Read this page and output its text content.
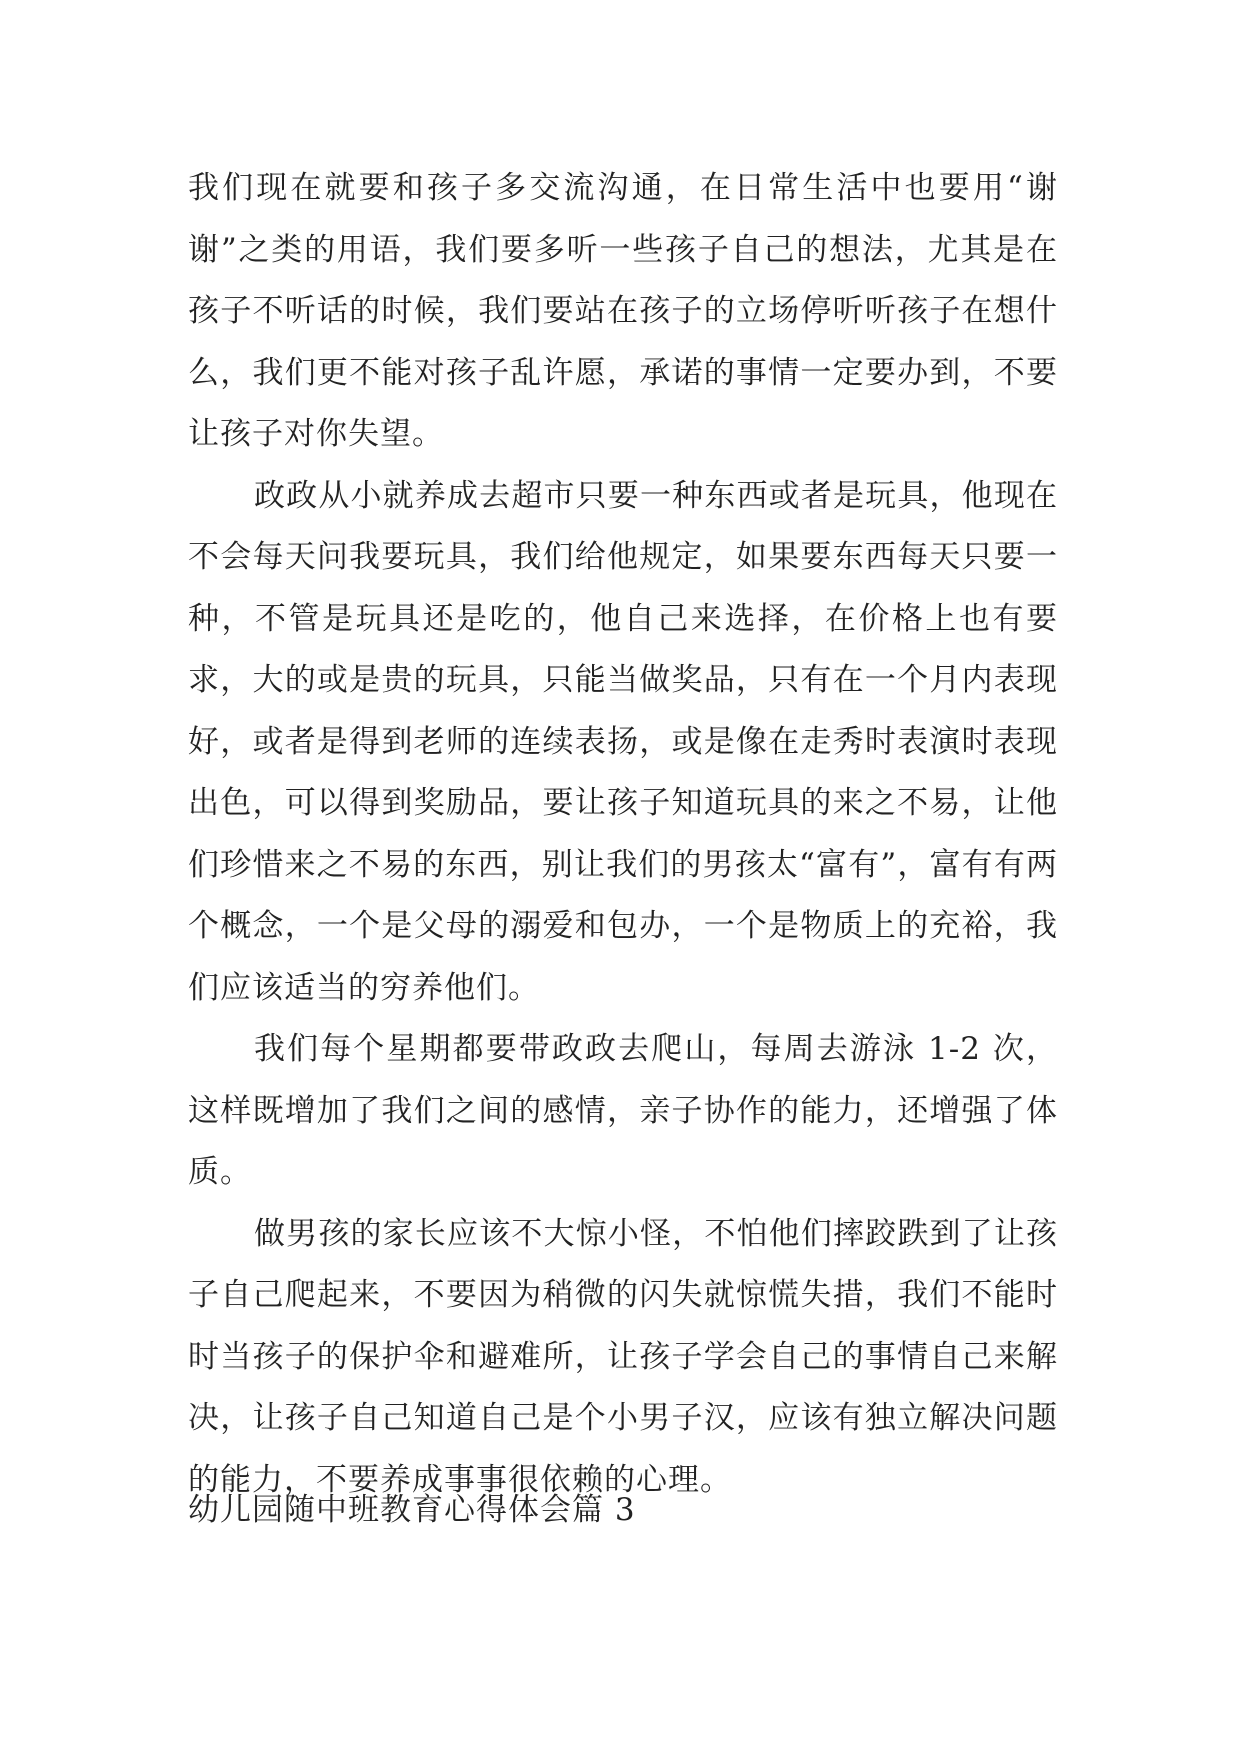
我们现在就要和孩子多交流沟通，在日常生活中也要用“谢谢”之类的用语，我们要多听一些孩子自己的想法，尤其是在孩子不听话的时候，我们要站在孩子的立场停听听孩子在想什么，我们更不能对孩子乱许愿，承诺的事情一定要办到，不要让孩子对你失望。

政政从小就养成去超市只要一种东西或者是玩具，他现在不会每天问我要玩具，我们给他规定，如果要东西每天只要一种，不管是玩具还是吃的，他自己来选择，在价格上也有要求，大的或是贵的玩具，只能当做奖品，只有在一个月内表现好，或者是得到老师的连续表扬，或是像在走秀时表演时表现出色，可以得到奖励品，要让孩子知道玩具的来之不易，让他们珍惜来之不易的东西，别让我们的男孩太“富有”，富有有两个概念，一个是父母的溺爱和包办，一个是物质上的充裕，我们应该适当的穷养他们。

我们每个星期都要带政政去爬山，每周去游泳 1-2 次，这样既增加了我们之间的感情，亲子协作的能力，还增强了体质。

做男孩的家长应该不大惊小怪，不怕他们摔跤跌到了让孩子自己爬起来，不要因为稍微的闪失就惊慌失措，我们不能时时当孩子的保护伞和避难所，让孩子学会自己的事情自己来解决，让孩子自己知道自己是个小男子汉，应该有独立解决问题的能力，不要养成事事很依赖的心理。

幼儿园随中班教育心得体会篇 3
